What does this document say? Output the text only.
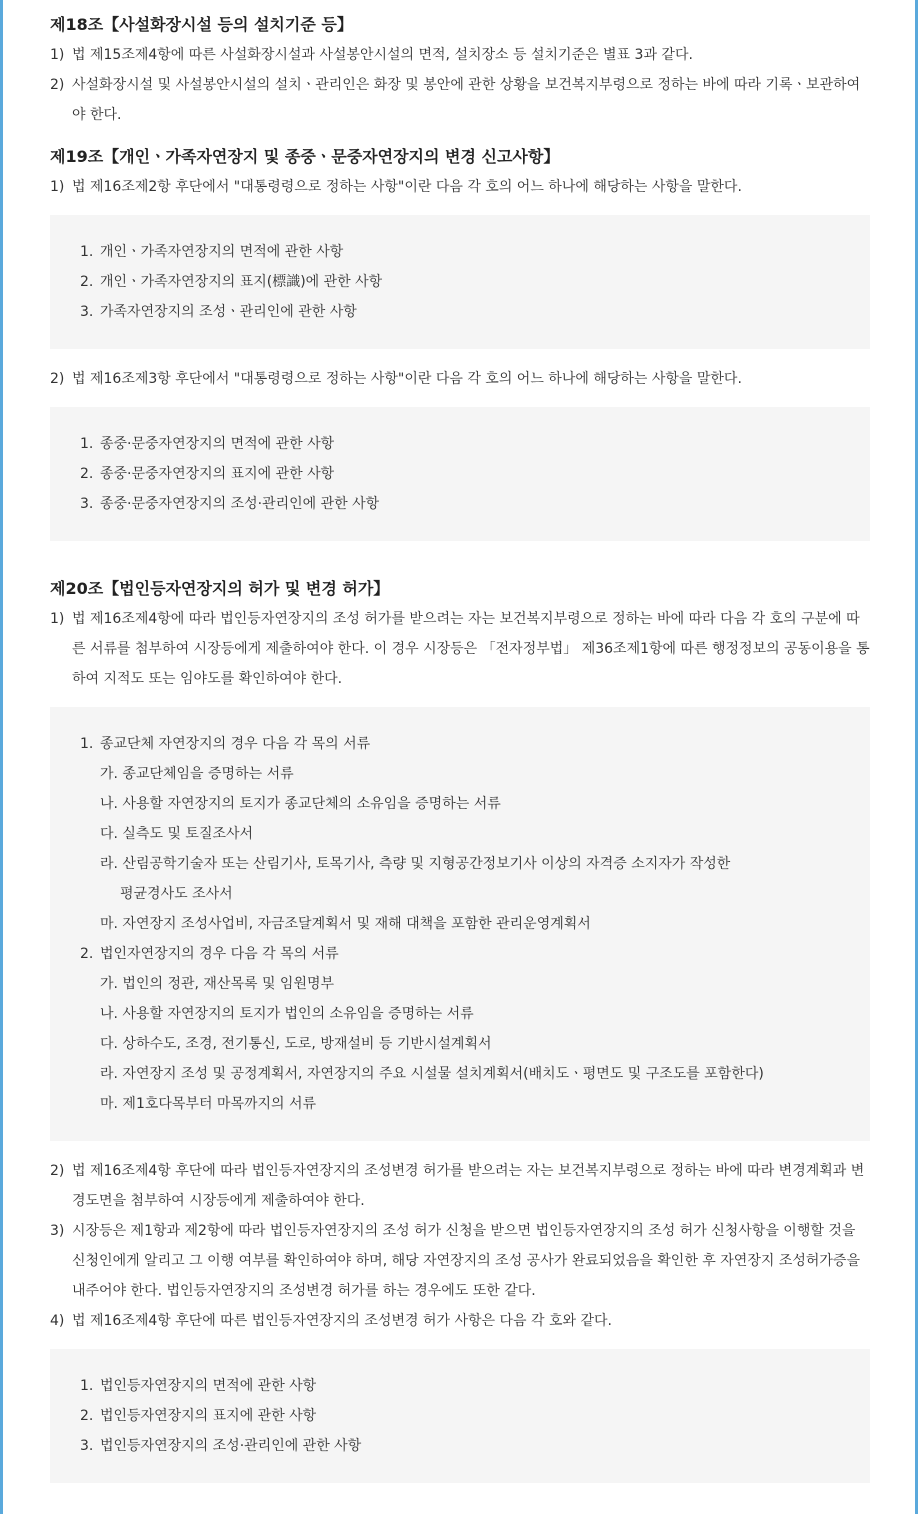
제18조【사설화장시설 등의 설치기준 등】
1) 법 제15조제4항에 따른 사설화장시설과 사설봉안시설의 면적, 설치장소 등 설치기준은 별표 3과 같다.
2) 사설화장시설 및 사설봉안시설의 설치ㆍ관리인은 화장 및 봉안에 관한 상황을 보건복지부령으로 정하는 바에 따라 기록ㆍ보관하여야 한다.
제19조【개인ㆍ가족자연장지 및 종중ㆍ문중자연장지의 변경 신고사항】
1) 법 제16조제2항 후단에서 "대통령령으로 정하는 사항"이란 다음 각 호의 어느 하나에 해당하는 사항을 말한다.
1. 개인ㆍ가족자연장지의 면적에 관한 사항
2. 개인ㆍ가족자연장지의 표지(標識)에 관한 사항
3. 가족자연장지의 조성ㆍ관리인에 관한 사항
2) 법 제16조제3항 후단에서 "대통령령으로 정하는 사항"이란 다음 각 호의 어느 하나에 해당하는 사항을 말한다.
1. 종중·문중자연장지의 면적에 관한 사항
2. 종중·문중자연장지의 표지에 관한 사항
3. 종중·문중자연장지의 조성·관리인에 관한 사항
제20조【법인등자연장지의 허가 및 변경 허가】
1) 법 제16조제4항에 따라 법인등자연장지의 조성 허가를 받으려는 자는 보건복지부령으로 정하는 바에 따라 다음 각 호의 구분에 따른 서류를 첨부하여 시장등에게 제출하여야 한다. 이 경우 시장등은 「전자정부법」 제36조제1항에 따른 행정정보의 공동이용을 통하여 지적도 또는 임야도를 확인하여야 한다.
1. 종교단체 자연장지의 경우 다음 각 목의 서류
가. 종교단체임을 증명하는 서류
나. 사용할 자연장지의 토지가 종교단체의 소유임을 증명하는 서류
다. 실측도 및 토질조사서
라. 산림공학기술자 또는 산림기사, 토목기사, 측량 및 지형공간정보기사 이상의 자격증 소지자가 작성한
평균경사도 조사서
마. 자연장지 조성사업비, 자금조달계획서 및 재해 대책을 포함한 관리운영계획서
2. 법인자연장지의 경우 다음 각 목의 서류
가. 법인의 정관, 재산목록 및 임원명부
나. 사용할 자연장지의 토지가 법인의 소유임을 증명하는 서류
다. 상하수도, 조경, 전기통신, 도로, 방재설비 등 기반시설계획서
라. 자연장지 조성 및 공정계획서, 자연장지의 주요 시설물 설치계획서(배치도ㆍ평면도 및 구조도를 포함한다)
마. 제1호다목부터 마목까지의 서류
2) 법 제16조제4항 후단에 따라 법인등자연장지의 조성변경 허가를 받으려는 자는 보건복지부령으로 정하는 바에 따라 변경계획과 변경도면을 첨부하여 시장등에게 제출하여야 한다.
3) 시장등은 제1항과 제2항에 따라 법인등자연장지의 조성 허가 신청을 받으면 법인등자연장지의 조성 허가 신청사항을 이행할 것을 신청인에게 알리고 그 이행 여부를 확인하여야 하며, 해당 자연장지의 조성 공사가 완료되었음을 확인한 후 자연장지 조성허가증을 내주어야 한다. 법인등자연장지의 조성변경 허가를 하는 경우에도 또한 같다.
4) 법 제16조제4항 후단에 따른 법인등자연장지의 조성변경 허가 사항은 다음 각 호와 같다.
1. 법인등자연장지의 면적에 관한 사항
2. 법인등자연장지의 표지에 관한 사항
3. 법인등자연장지의 조성·관리인에 관한 사항
